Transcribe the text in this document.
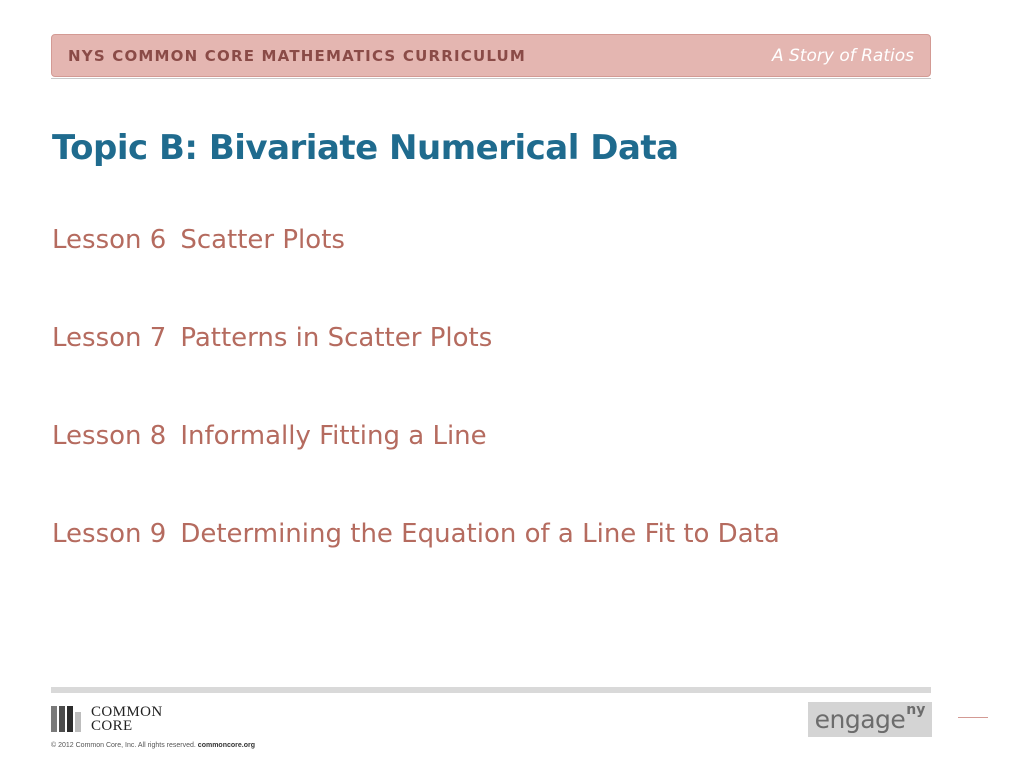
NYS COMMON CORE MATHEMATICS CURRICULUM	A Story of Ratios
Topic B: Bivariate Numerical Data
Lesson 6 Scatter Plots
Lesson 7 Patterns in Scatter Plots
Lesson 8 Informally Fitting a Line
Lesson 9 Determining the Equation of a Line Fit to Data
COMMON
CORE
© 2012 Common Core, Inc. All rights reserved. commoncore.org
engage ny
